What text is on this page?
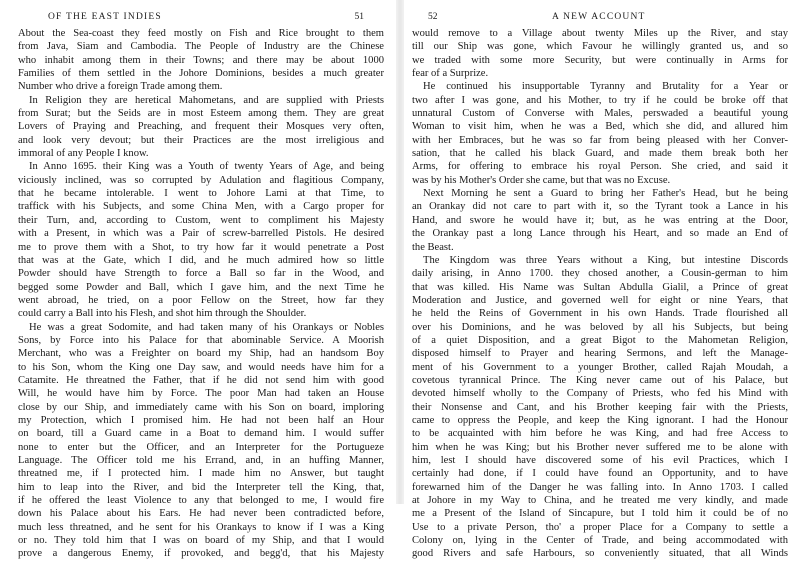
OF THE EAST INDIES	51

About the Sea-coast they feed mostly on Fish and Rice brought to them
from Java, Siam and Cambodia. The People of Industry are the Chinese
who inhabit among them in their Towns; and there may be about 1000
Families of them settled in the Johore Dominions, besides a much greater
Number who drive a foreign Trade among them.

In Religion they are heretical Mahometans, and are supplied with Priests
from Surat; but the Seids are in most Esteem among them. They are great
Lovers of Praying and Preaching, and frequent their Mosques very often,
and look very devout; but their Practices are the most irreligious and
immoral of any People I know.

In Anno 1695. their King was a Youth of twenty Years of Age, and being
viciously inclined, was so corrupted by Adulation and flagitious Company,
that he became intolerable. I went to Johore Lami at that Time, to
traffick with his Subjects, and some China Men, with a Cargo proper for
their Turn, and, according to Custom, went to compliment his Majesty
with a Present, in which was a Pair of screw-barrelled Pistols. He desired
me to prove them with a Shot, to try how far it would penetrate a Post
that was at the Gate, which I did, and he much admired how so little
Powder should have Strength to force a Ball so far in the Wood, and
begged some Powder and Ball, which I gave him, and the next Time he
went abroad, he tried, on a poor Fellow on the Street, how far they
could carry a Ball into his Flesh, and shot him through the Shoulder.

He was a great Sodomite, and had taken many of his Orankays or Nobles
Sons, by Force into his Palace for that abominable Service. A Moorish
Merchant, who was a Freighter on board my Ship, had an handsom Boy
to his Son, whom the King one Day saw, and would needs have him for a
Catamite. He threatned the Father, that if he did not send him with good
Will, he would have him by Force. The poor Man had taken an House
close by our Ship, and immediately came with his Son on board, imploring
my Protection, which I promised him. He had not been half an Hour
on board, till a Guard came in a Boat to demand him. I would suffer
none to enter but the Officer, and an Interpreter for the Portugueze
Language. The Officer told me his Errand, and, in an huffing Manner,
threatned me, if I protected him. I made him no Answer, but taught
him to leap into the River, and bid the Interpreter tell the King, that,
if he offered the least Violence to any that belonged to me, I would fire
down his Palace about his Ears. He had never been contradicted before,
much less threatned, and he sent for his Orankays to know if I was a King
or no. They told him that I was on board of my Ship, and that I would
prove a dangerous Enemy, if provoked, and begg'd, that his Majesty

52	A NEW ACCOUNT

would remove to a Village about twenty Miles up the River, and stay
till our Ship was gone, which Favour he willingly granted us, and so
we traded with some more Security, but were continually in Arms for
fear of a Surprize.

He continued his insupportable Tyranny and Brutality for a Year or
two after I was gone, and his Mother, to try if he could be broke off that
unnatural Custom of Converse with Males, perswaded a beautiful young
Woman to visit him, when he was a Bed, which she did, and allured him
with her Embraces, but he was so far from being pleased with her Conver-
sation, that he called his black Guard, and made them break both her
Arms, for offering to embrace his royal Person. She cried, and said it
was by his Mother's Order she came, but that was no Excuse.

Next Morning he sent a Guard to bring her Father's Head, but he being
an Orankay did not care to part with it, so the Tyrant took a Lance in his
Hand, and swore he would have it; but, as he was entring at the Door,
the Orankay past a long Lance through his Heart, and so made an End of
the Beast.

The Kingdom was three Years without a King, but intestine Discords
daily arising, in Anno 1700. they chosed another, a Cousin-german to him
that was killed. His Name was Sultan Abdulla Gialil, a Prince of great
Moderation and Justice, and governed well for eight or nine Years, that
he held the Reins of Government in his own Hands. Trade flourished all
over his Dominions, and he was beloved by all his Subjects, but being
of a quiet Disposition, and a great Bigot to the Mahometan Religion,
disposed himself to Prayer and hearing Sermons, and left the Manage-
ment of his Government to a younger Brother, called Rajah Moudah, a
covetous tyrannical Prince. The King never came out of his Palace, but
devoted himself wholly to the Company of Priests, who fed his Mind with
their Nonsense and Cant, and his Brother keeping fair with the Priests,
came to oppress the People, and keep the King ignorant. I had the Honour
to be acquainted with him before he was King, and had free Access to
him when he was King; but his Brother never suffered me to be alone with
him, lest I should have discovered some of his evil Practices, which I
certainly had done, if I could have found an Opportunity, and to have
forewarned him of the Danger he was falling into. In Anno 1703. I called
at Johore in my Way to China, and he treated me very kindly, and made
me a Present of the Island of Sincapure, but I told him it could be of no
Use to a private Person, tho' a proper Place for a Company to settle a
Colony on, lying in the Center of Trade, and being accommodated with
good Rivers and safe Harbours, so conveniently situated, that all Winds
